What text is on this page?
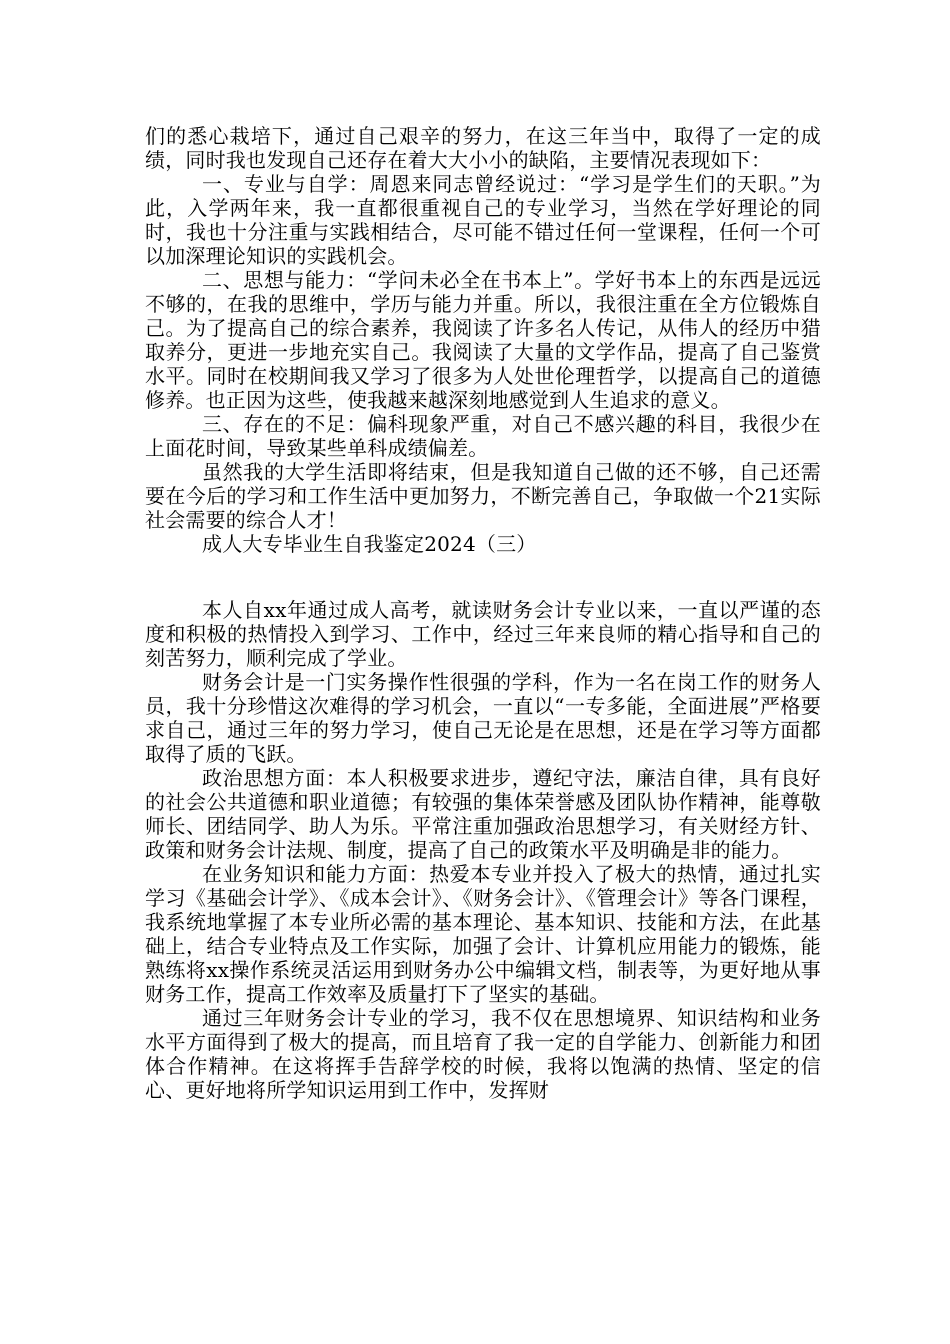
们的悉心栽培下，通过自己艰辛的努力，在这三年当中，取得了一定的成绩，同时我也发现自己还存在着大大小小的缺陷，主要情况表现如下：

一、专业与自学：周恩来同志曾经说过：“学习是学生们的天职。”为此，入学两年来，我一直都很重视自己的专业学习，当然在学好理论的同时，我也十分注重与实践相结合，尽可能不错过任何一堂课程，任何一个可以加深理论知识的实践机会。

二、思想与能力：“学问未必全在书本上”。学好书本上的东西是远远不够的，在我的思维中，学历与能力并重。所以，我很注重在全方位锻炼自己。为了提高自己的综合素养，我阅读了许多名人传记，从伟人的经历中猎取养分，更进一步地充实自己。我阅读了大量的文学作品，提高了自己鉴赏水平。同时在校期间我又学习了很多为人处世伦理哲学，以提高自己的道德修养。也正因为这些，使我越来越深刻地感觉到人生追求的意义。

三、存在的不足：偏科现象严重，对自己不感兴趣的科目，我很少在上面花时间，导致某些单科成绩偏差。

虽然我的大学生活即将结束，但是我知道自己做的还不够，自己还需要在今后的学习和工作生活中更加努力，不断完善自己，争取做一个21实际社会需要的综合人才！

成人大专毕业生自我鉴定2024（三）

本人自xx年通过成人高考，就读财务会计专业以来，一直以严谨的态度和积极的热情投入到学习、工作中，经过三年来良师的精心指导和自己的刻苦努力，顺利完成了学业。

财务会计是一门实务操作性很强的学科，作为一名在岗工作的财务人员，我十分珍惜这次难得的学习机会，一直以“一专多能，全面进展”严格要求自己，通过三年的努力学习，使自己无论是在思想，还是在学习等方面都取得了质的飞跃。

政治思想方面：本人积极要求进步，遵纪守法，廉洁自律，具有良好的社会公共道德和职业道德；有较强的集体荣誉感及团队协作精神，能尊敬师长、团结同学、助人为乐。平常注重加强政治思想学习，有关财经方针、政策和财务会计法规、制度，提高了自己的政策水平及明确是非的能力。

在业务知识和能力方面：热爱本专业并投入了极大的热情，通过扎实学习《基础会计学》、《成本会计》、《财务会计》、《管理会计》等各门课程，我系统地掌握了本专业所必需的基本理论、基本知识、技能和方法，在此基础上，结合专业特点及工作实际，加强了会计、计算机应用能力的锻炼，能熟练将xx操作系统灵活运用到财务办公中编辑文档，制表等，为更好地从事财务工作，提高工作效率及质量打下了坚实的基础。

通过三年财务会计专业的学习，我不仅在思想境界、知识结构和业务水平方面得到了极大的提高，而且培育了我一定的自学能力、创新能力和团体合作精神。在这将挥手告辞学校的时候，我将以饱满的热情、坚定的信心、更好地将所学知识运用到工作中，发挥财
